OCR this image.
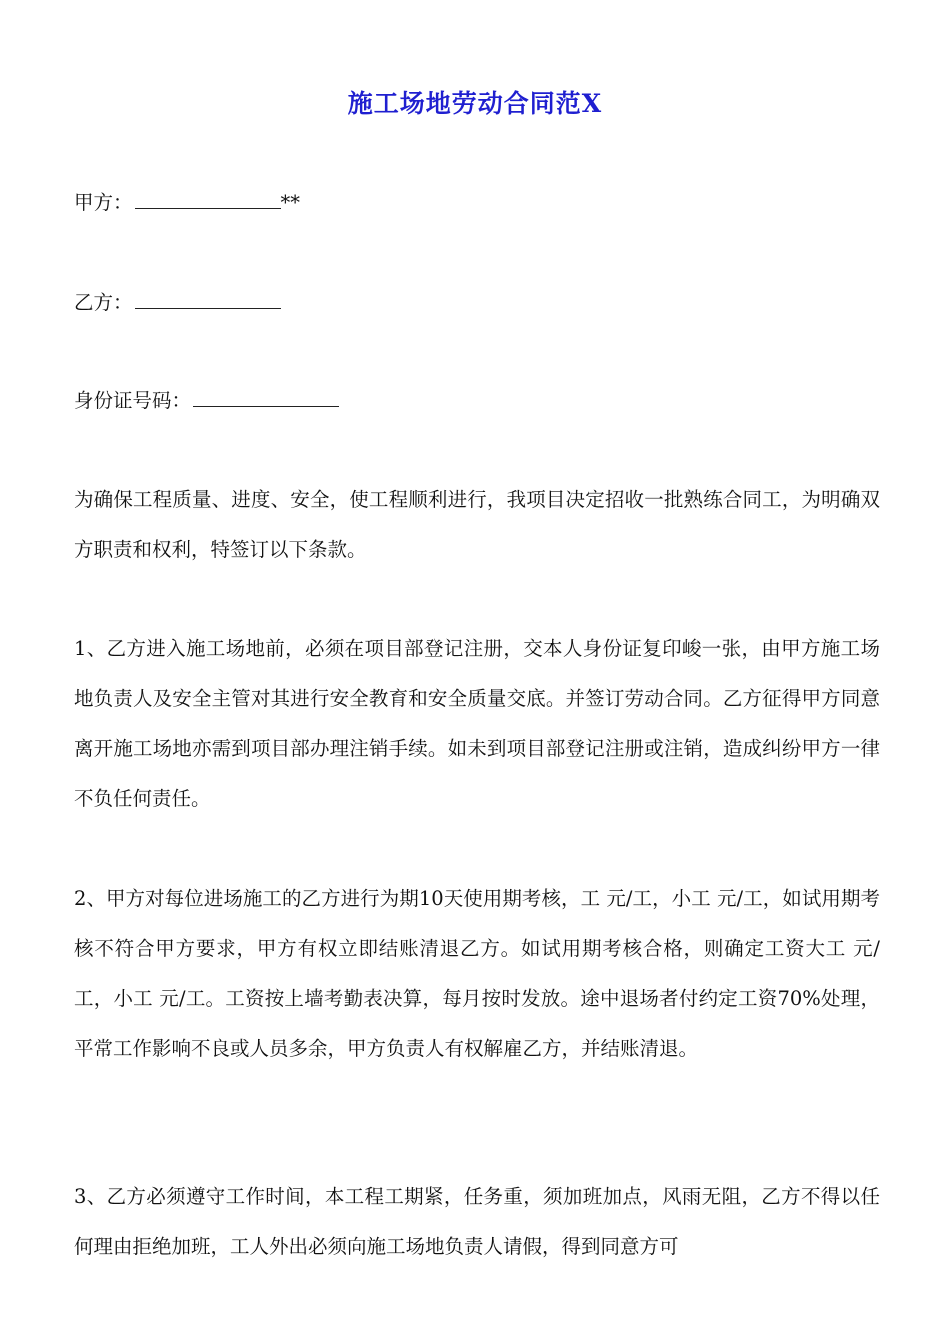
施工场地劳动合同范X
甲方：	**
乙方：
身份证号码：
为确保工程质量、进度、安全，使工程顺利进行，我项目决定招收一批熟练合同工，为明确双方职责和权利，特签订以下条款。
1、乙方进入施工场地前，必须在项目部登记注册，交本人身份证复印峻一张，由甲方施工场地负责人及安全主管对其进行安全教育和安全质量交底。并签订劳动合同。乙方征得甲方同意离开施工场地亦需到项目部办理注销手续。如未到项目部登记注册或注销，造成纠纷甲方一律不负任何责任。
2、甲方对每位进场施工的乙方进行为期10天使用期考核，工 元/工，小工 元/工，如试用期考核不符合甲方要求，甲方有权立即结账清退乙方。如试用期考核合格，则确定工资大工 元/工，小工 元/工。工资按上墙考勤表决算，每月按时发放。途中退场者付约定工资70%处理，平常工作影响不良或人员多余，甲方负责人有权解雇乙方，并结账清退。
3、乙方必须遵守工作时间，本工程工期紧，任务重，须加班加点，风雨无阻，乙方不得以任何理由拒绝加班，工人外出必须向施工场地负责人请假，得到同意方可
